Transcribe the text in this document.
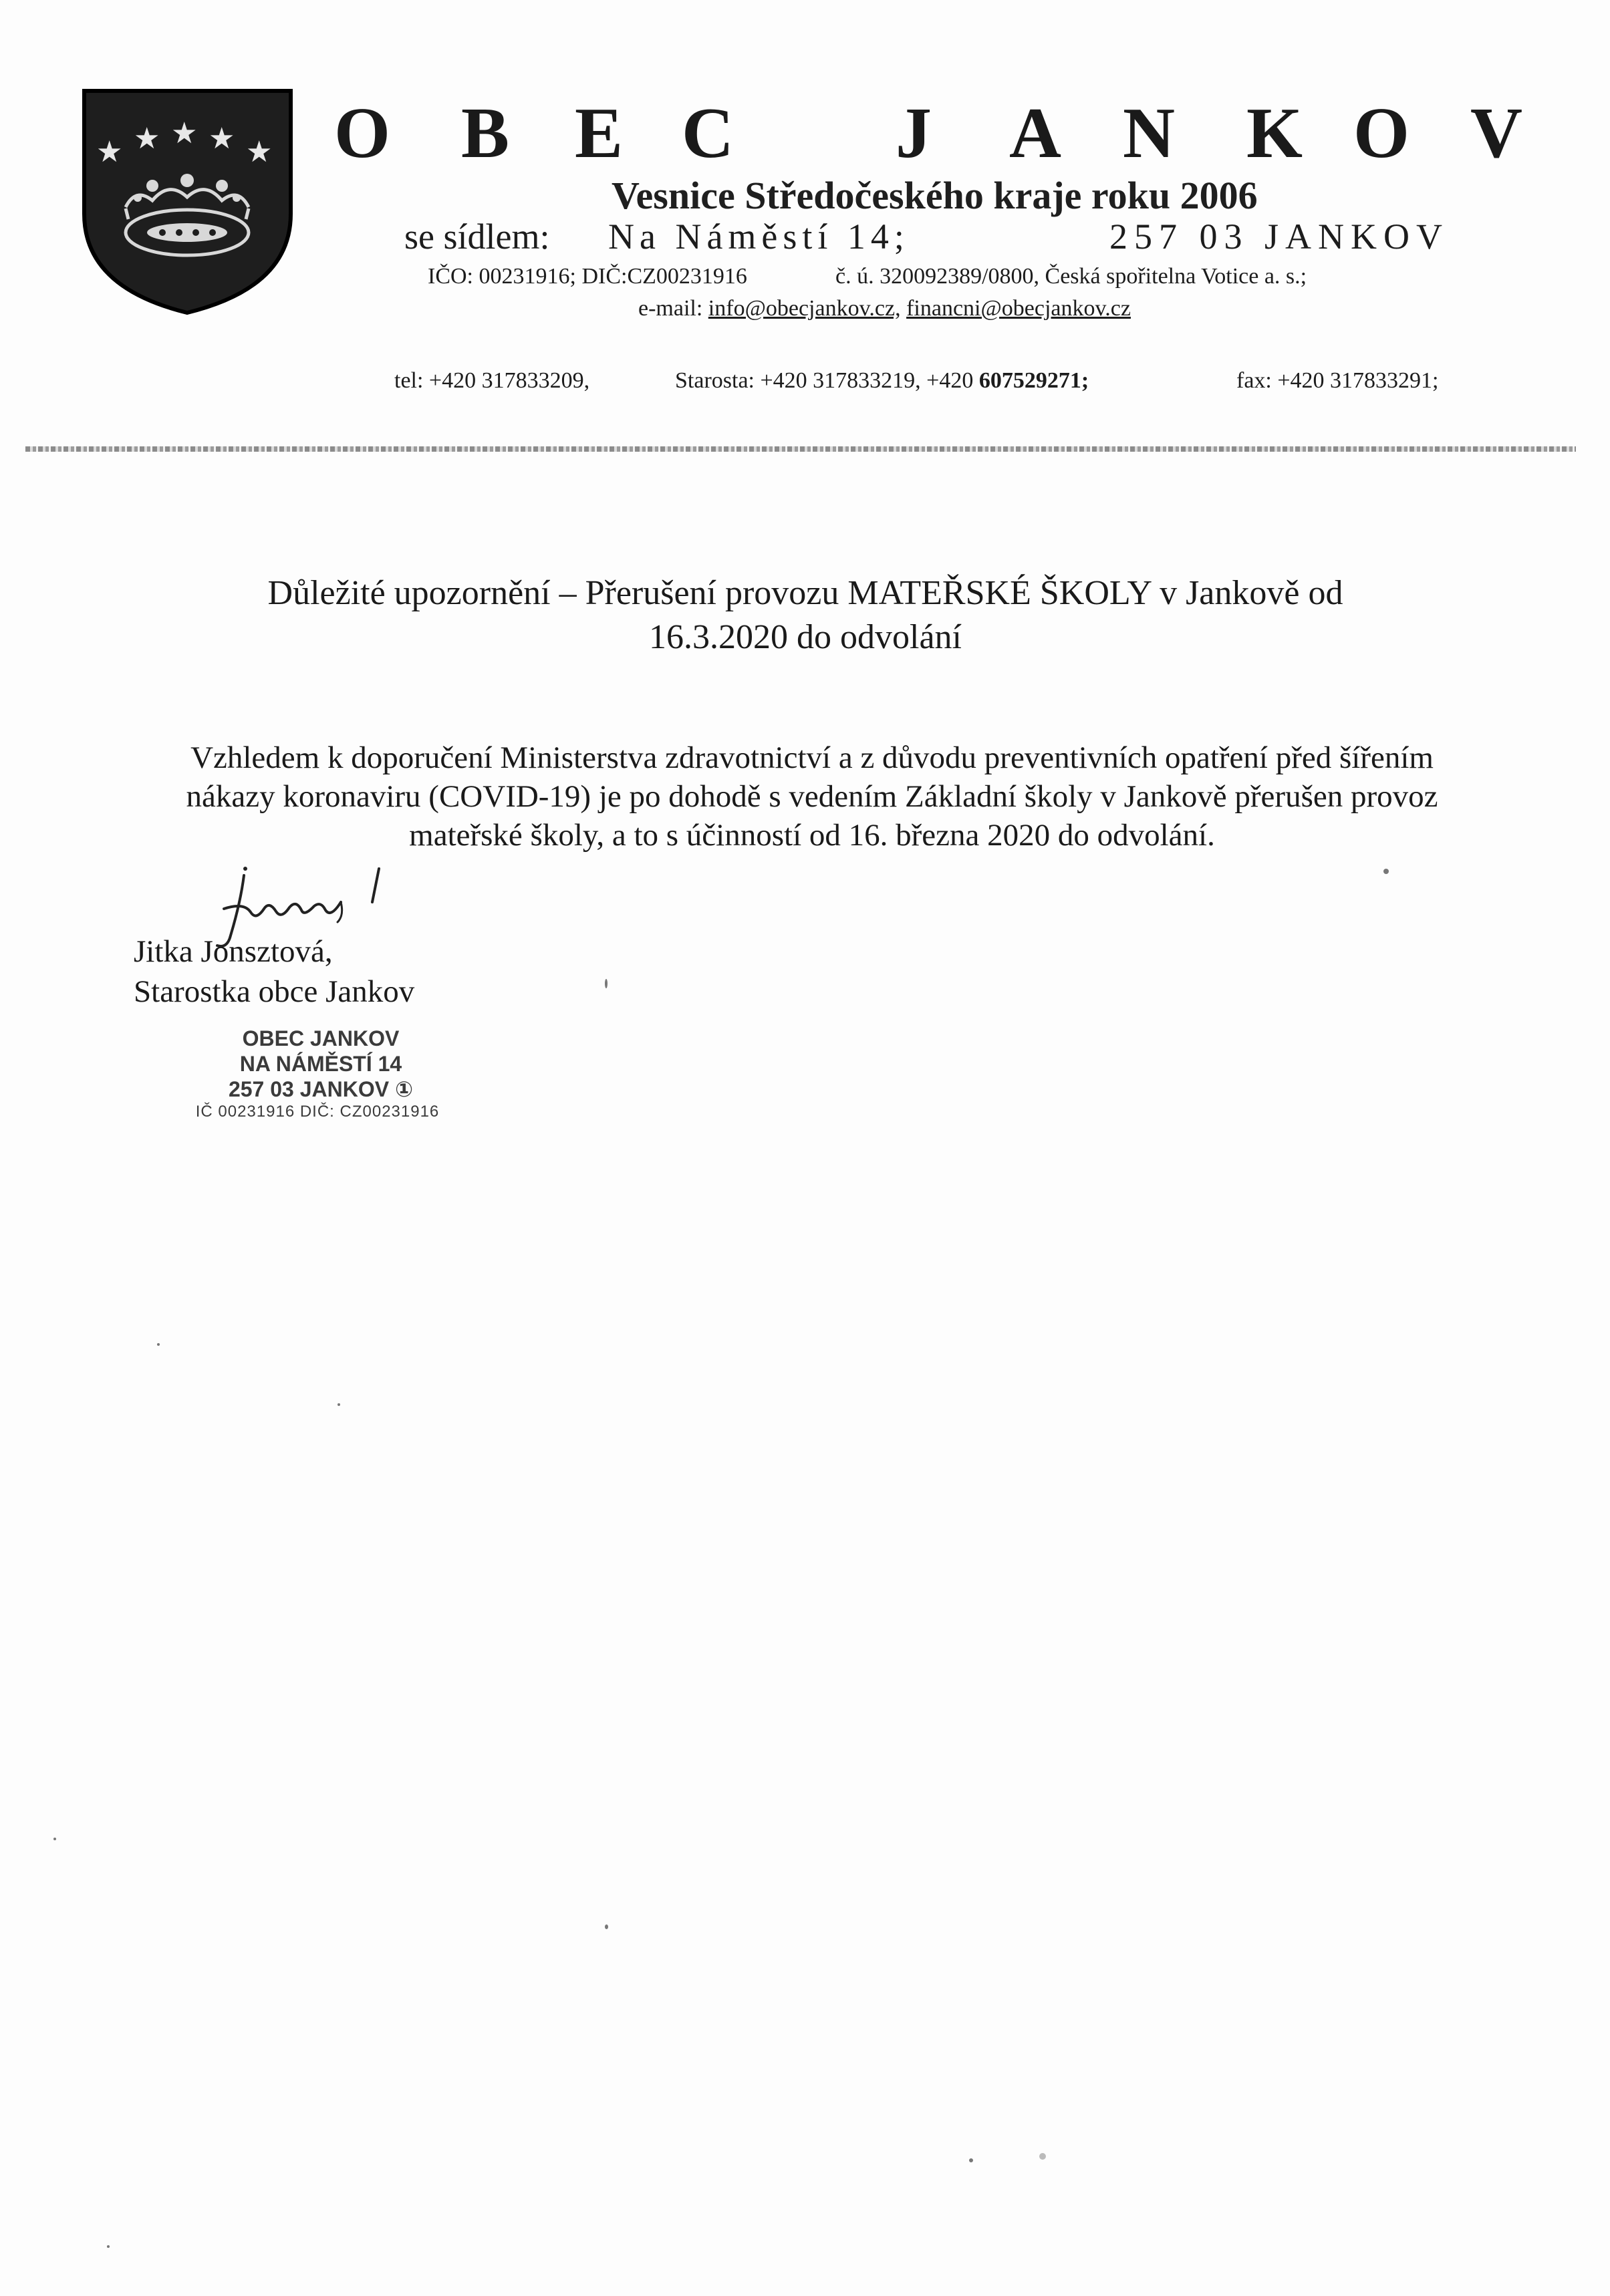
★ ★ ★ ★ ★ O B E C J A N K O V
Vesnice Středočeského kraje roku 2006
se sídlem: Na Náměstí 14;	257 03 JANKOV
IČO: 00231916; DIČ:CZ00231916	č. ú. 320092389/0800, Česká spořitelna Votice a. s.;
e-mail: info@obecjankov.cz, financni@obecjankov.cz
tel: +420 317833209,	Starosta: +420 317833219, +420 607529271;	fax: +420 317833291;
Důležité upozornění – Přerušení provozu MATEŘSKÉ ŠKOLY v Jankově od
16.3.2020 do odvolání
Vzhledem k doporučení Ministerstva zdravotnictví a z důvodu preventivních opatření před šířením
nákazy koronaviru (COVID-19) je po dohodě s vedením Základní školy v Jankově přerušen provoz
mateřské školy, a to s účinností od 16. března 2020 do odvolání.
Jitka Jonsztová,
Starostka obce Jankov
OBEC JANKOV
NA NÁMĚSTÍ 14
257 03 JANKOV ①
IČ 00231916 DIČ: CZ00231916
